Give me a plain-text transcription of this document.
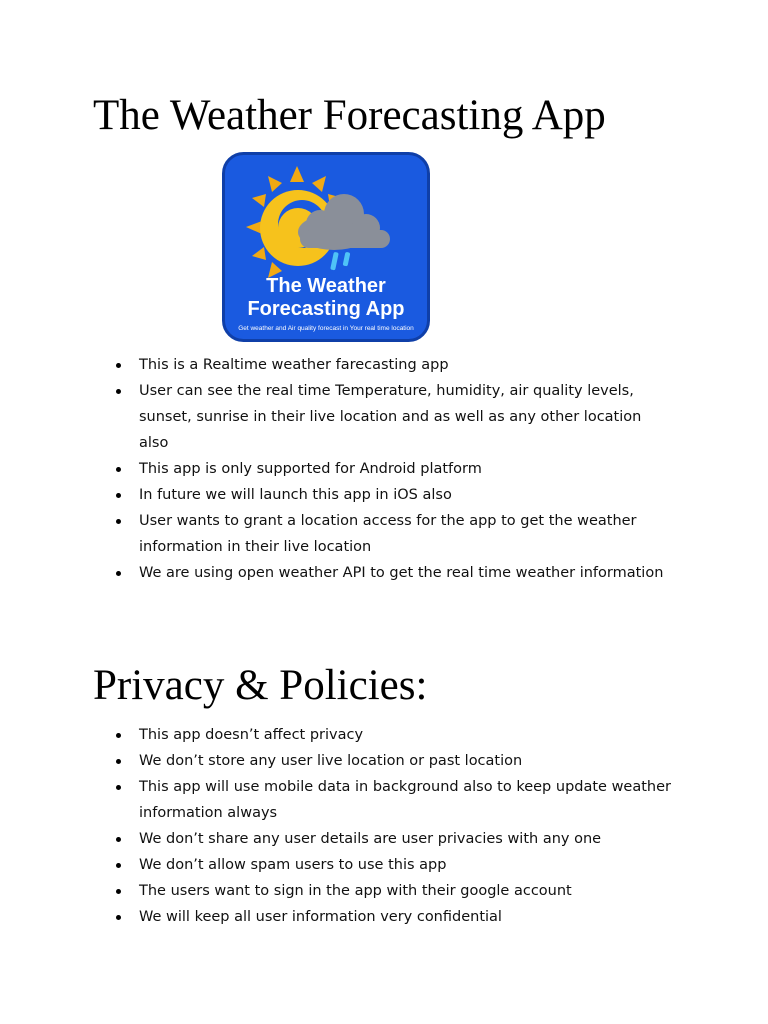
The Weather Forecasting App
The Weather
Forecasting App
Get weather and Air quality forecast in Your real time location
This is a Realtime weather farecasting app
User can see the real time Temperature, humidity, air quality levels, sunset, sunrise in their live location and as well as any other location also
This app is only supported for Android platform
In future we will launch this app in iOS also
User wants to grant a location access for the app to get the weather information in their live location
We are using open weather API to get the real time weather information
Privacy & Policies:
This app doesn’t affect privacy
We don’t store any user live location or past location
This app will use mobile data in background also to keep update weather information always
We don’t share any user details are user privacies with any one
We don’t allow spam users to use this app
The users want to sign in the app with their google account
We will keep all user information very confidential
